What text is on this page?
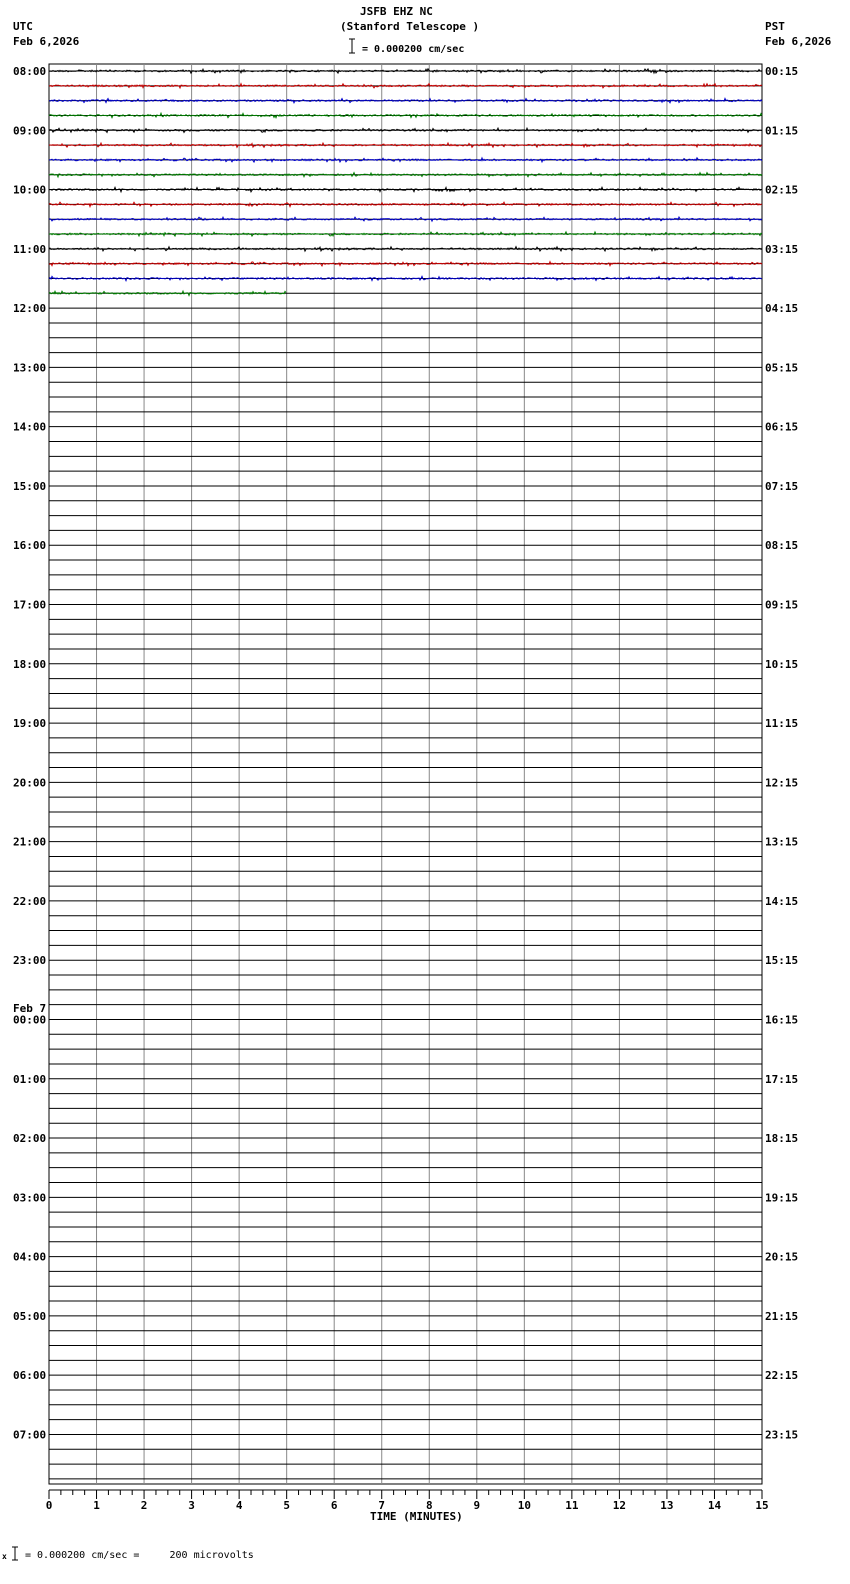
08:00
09:00
10:00
11:00
12:00
13:00
14:00
15:00
16:00
17:00
18:00
19:00
20:00
21:00
22:00
23:00
00:00
01:00
02:00
03:00
04:00
05:00
06:00
07:00
00:15
01:15
02:15
03:15
04:15
05:15
06:15
07:15
08:15
09:15
10:15
11:15
12:15
13:15
14:15
15:15
16:15
17:15
18:15
19:15
20:15
21:15
22:15
23:15
0	1	2	3	4	5	6	7	8	9	10	11	12	13	14	15
JSFB EHZ NC
(Stanford Telescope )
= 0.000200 cm/sec
UTC
Feb 6,2026
PST
Feb 6,2026
Feb 7
TIME (MINUTES)
x = 0.000200 cm/sec =     200 microvolts
